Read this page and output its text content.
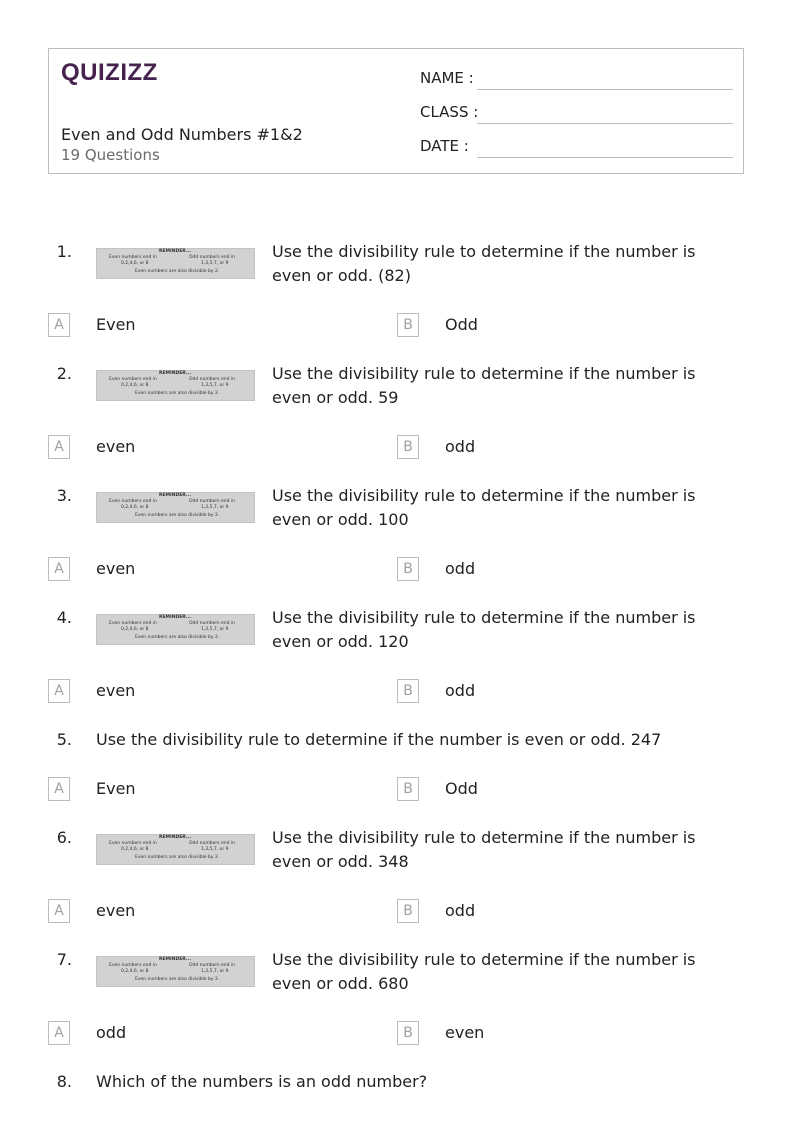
QUIZIZZ
Even and Odd Numbers #1&2
19 Questions
NAME :
CLASS :
DATE :
1.	REMINDER...
Even numbers end in
0,2,4,6, or 8
Odd numbers end in
1,3,5,7, or 9
Even numbers are also divisible by 2.
Use the divisibility rule to determine if the number is even or odd. (82)
A	Even	B	Odd
2.	REMINDER...
Even numbers end in
0,2,4,6, or 8
Odd numbers end in
1,3,5,7, or 9
Even numbers are also divisible by 2.
Use the divisibility rule to determine if the number is even or odd. 59
A	even	B	odd
3.	REMINDER...
Even numbers end in
0,2,4,6, or 8
Odd numbers end in
1,3,5,7, or 9
Even numbers are also divisible by 2.
Use the divisibility rule to determine if the number is even or odd. 100
A	even	B	odd
4.	REMINDER...
Even numbers end in
0,2,4,6, or 8
Odd numbers end in
1,3,5,7, or 9
Even numbers are also divisible by 2.
Use the divisibility rule to determine if the number is even or odd. 120
A	even	B	odd
5. Use the divisibility rule to determine if the number is even or odd. 247
A	Even	B	Odd
6.	REMINDER...
Even numbers end in
0,2,4,6, or 8
Odd numbers end in
1,3,5,7, or 9
Even numbers are also divisible by 2.
Use the divisibility rule to determine if the number is even or odd. 348
A	even	B	odd
7.	REMINDER...
Even numbers end in
0,2,4,6, or 8
Odd numbers end in
1,3,5,7, or 9
Even numbers are also divisible by 2.
Use the divisibility rule to determine if the number is even or odd. 680
A	odd	B	even
8. Which of the numbers is an odd number?
